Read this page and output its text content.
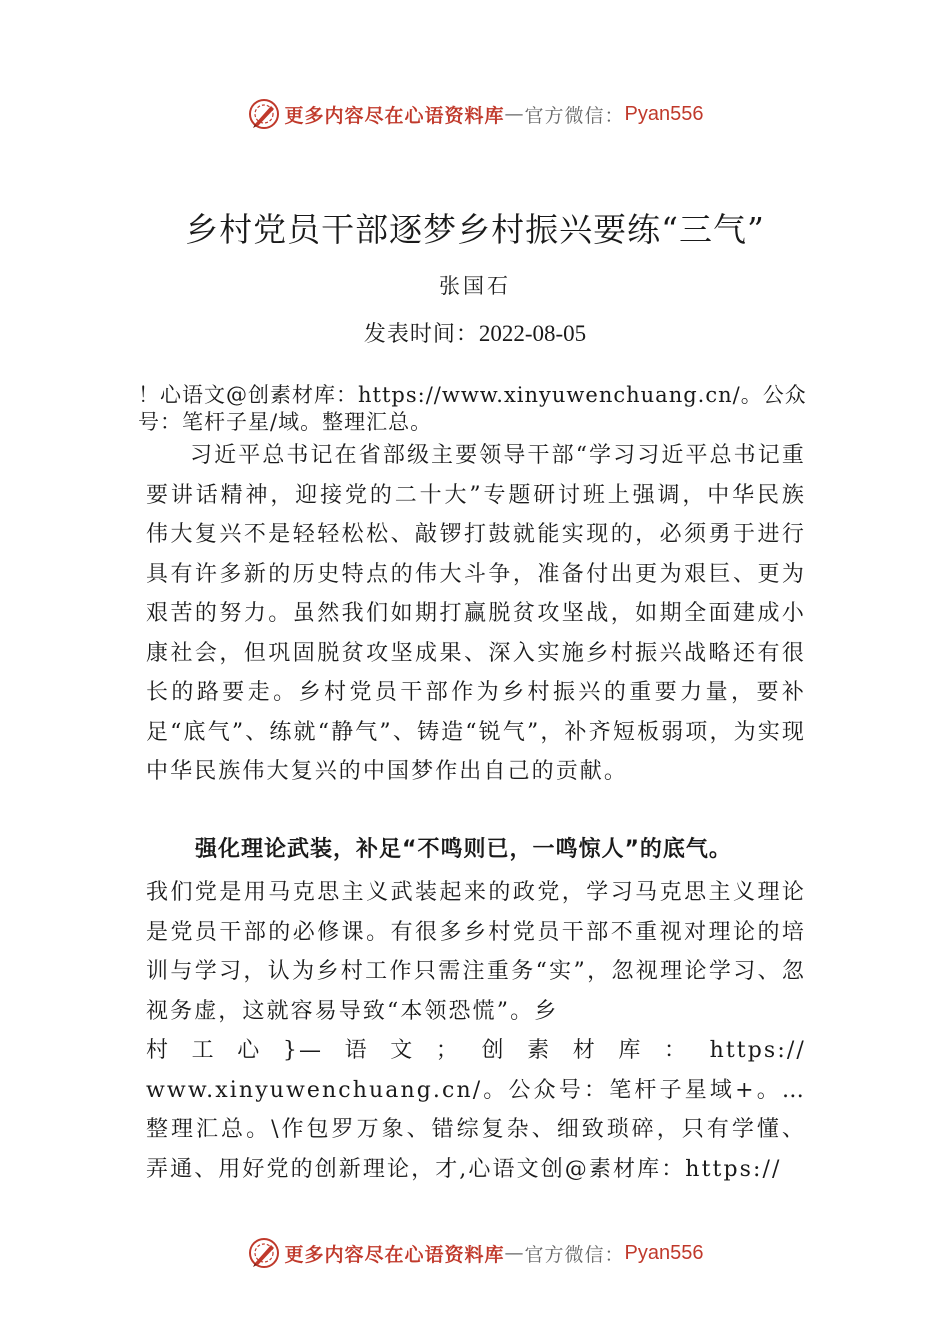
更多内容尽在心语资料库 — 官方微信： Pyan556
乡村党员干部逐梦乡村振兴要练“三气”
张国石
发表时间：2022-08-05
！心语文@创素材库：https://www.xinyuwenchuang.cn/。公众号：笔杆子星/域。整理汇总。
习近平总书记在省部级主要领导干部“学习习近平总书记重要讲话精神，迎接党的二十大”专题研讨班上强调，中华民族伟大复兴不是轻轻松松、敲锣打鼓就能实现的，必须勇于进行具有许多新的历史特点的伟大斗争，准备付出更为艰巨、更为艰苦的努力。虽然我们如期打赢脱贫攻坚战，如期全面建成小康社会，但巩固脱贫攻坚成果、深入实施乡村振兴战略还有很长的路要走。乡村党员干部作为乡村振兴的重要力量，要补足“底气”、练就“静气”、铸造“锐气”，补齐短板弱项，为实现中华民族伟大复兴的中国梦作出自己的贡献。
强化理论武装，补足“不鸣则已，一鸣惊人”的底气。
我们党是用马克思主义武装起来的政党，学习马克思主义理论是党员干部的必修课。有很多乡村党员干部不重视对理论的培训与学习，认为乡村工作只需注重务“实”，忽视理论学习、忽视务虚，这就容易导致“本领恐慌”。乡
村 工 心 }— 语 文 ； 创 素 材 库 ： https://
www.xinyuwenchuang.cn/。公众号：笔杆子星域+。…整理汇总。\作包罗万象、错综复杂、细致琐碎，只有学懂、弄通、用好党的创新理论，才,心语文创@素材库：https://
更多内容尽在心语资料库 — 官方微信： Pyan556
